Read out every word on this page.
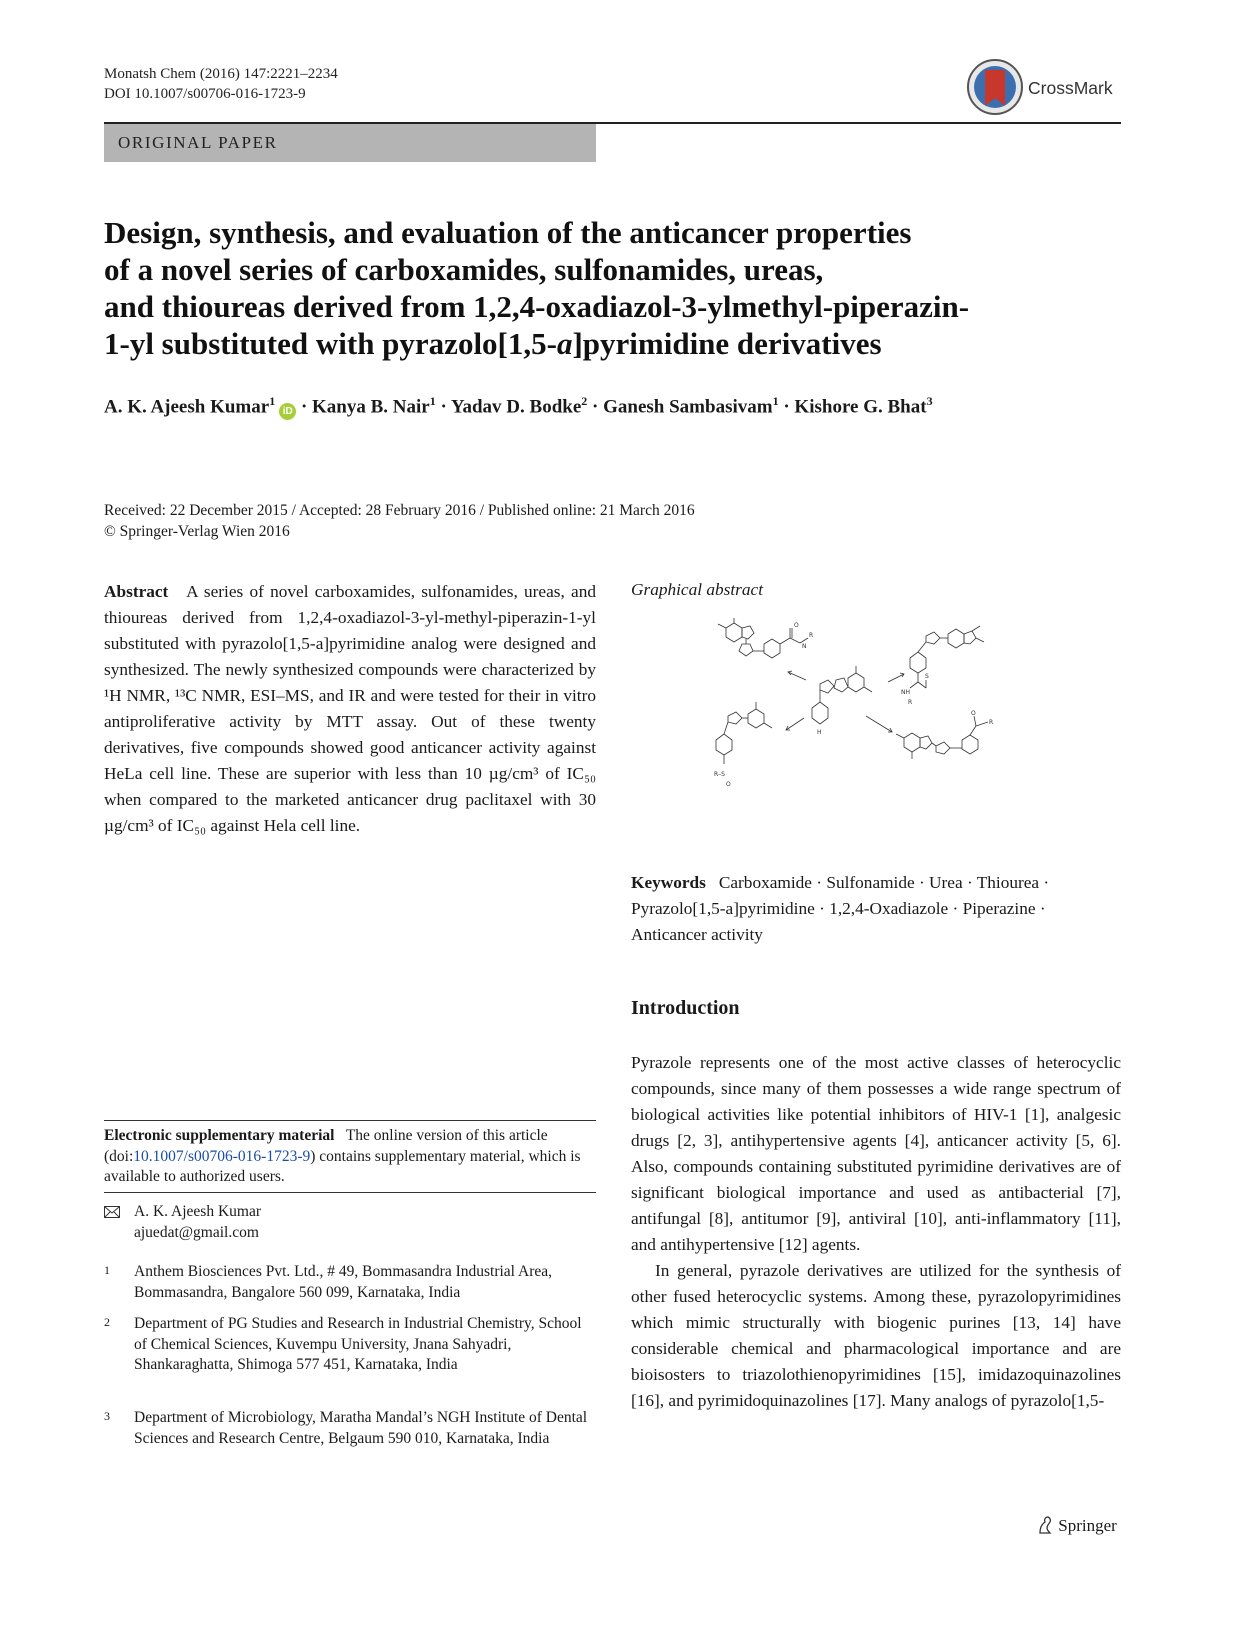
Monatsh Chem (2016) 147:2221–2234
DOI 10.1007/s00706-016-1723-9	CrossMark
ORIGINAL PAPER

Design, synthesis, and evaluation of the anticancer properties

of a novel series of carboxamides, sulfonamides, ureas,

and thioureas derived from 1,2,4-oxadiazol-3-ylmethyl-piperazin-

1-yl substituted with pyrazolo[1,5-a]pyrimidine derivatives

A. K. Ajeesh Kumar$^1$iD · Kanya B. Nair$^1$ · Yadav D. Bodke$^2$ · Ganesh Sambasivam$^1$ · Kishore G. Bhat$^3$
Received: 22 December 2015 / Accepted: 28 February 2016 / Published online: 21 March 2016
© Springer-Verlag Wien 2016

Abstract A series of novel carboxamides, sulfonamides, ureas, and thioureas derived from 1,2,4-oxadiazol-3-yl-methyl-piperazin-1-yl substituted with pyrazolo[1,5-a]pyrimidine analog were designed and synthesized. The newly synthesized compounds were characterized by ¹H NMR, ¹³C NMR, ESI–MS, and IR and were tested for their in vitro antiproliferative activity by MTT assay. Out of these twenty derivatives, five compounds showed good anticancer activity against HeLa cell line. These are superior with less than 10 µg/cm³ of IC₅₀ when compared to the marketed anticancer drug paclitaxel with 30 µg/cm³ of IC₅₀ against Hela cell line.

Graphical abstract
N
R
O
S
NH
R
H
R–S
O
R
O
Keywords Carboxamide · Sulfonamide · Urea · Thiourea · Pyrazolo[1,5-a]pyrimidine · 1,2,4-Oxadiazole · Piperazine · Anticancer activity
Introduction

Pyrazole represents one of the most active classes of heterocyclic compounds, since many of them possesses a wide range spectrum of biological activities like potential inhibitors of HIV-1 [1], analgesic drugs [2, 3], antihypertensive agents [4], anticancer activity [5, 6]. Also, compounds containing substituted pyrimidine derivatives are of significant biological importance and used as antibacterial [7], antifungal [8], antitumor [9], antiviral [10], anti-inflammatory [11], and antihypertensive [12] agents.

In general, pyrazole derivatives are utilized for the synthesis of other fused heterocyclic systems. Among these, pyrazolopyrimidines which mimic structurally with biogenic purines [13, 14] have considerable chemical and pharmacological importance and are bioisosters to triazolothienopyrimidines [15], imidazoquinazolines [16], and pyrimidoquinazolines [17]. Many analogs of pyrazolo[1,5-

Electronic supplementary material The online version of this article (doi:10.1007/s00706-016-1723-9) contains supplementary material, which is available to authorized users.
A. K. Ajeesh Kumar
ajuedat@gmail.com
1 Anthem Biosciences Pvt. Ltd., # 49, Bommasandra Industrial Area, Bommasandra, Bangalore 560 099, Karnataka, India
2 Department of PG Studies and Research in Industrial Chemistry, School of Chemical Sciences, Kuvempu University, Jnana Sahyadri, Shankaraghatta, Shimoga 577 451, Karnataka, India
3 Department of Microbiology, Maratha Mandal’s NGH Institute of Dental Sciences and Research Centre, Belgaum 590 010, Karnataka, India
Springer
